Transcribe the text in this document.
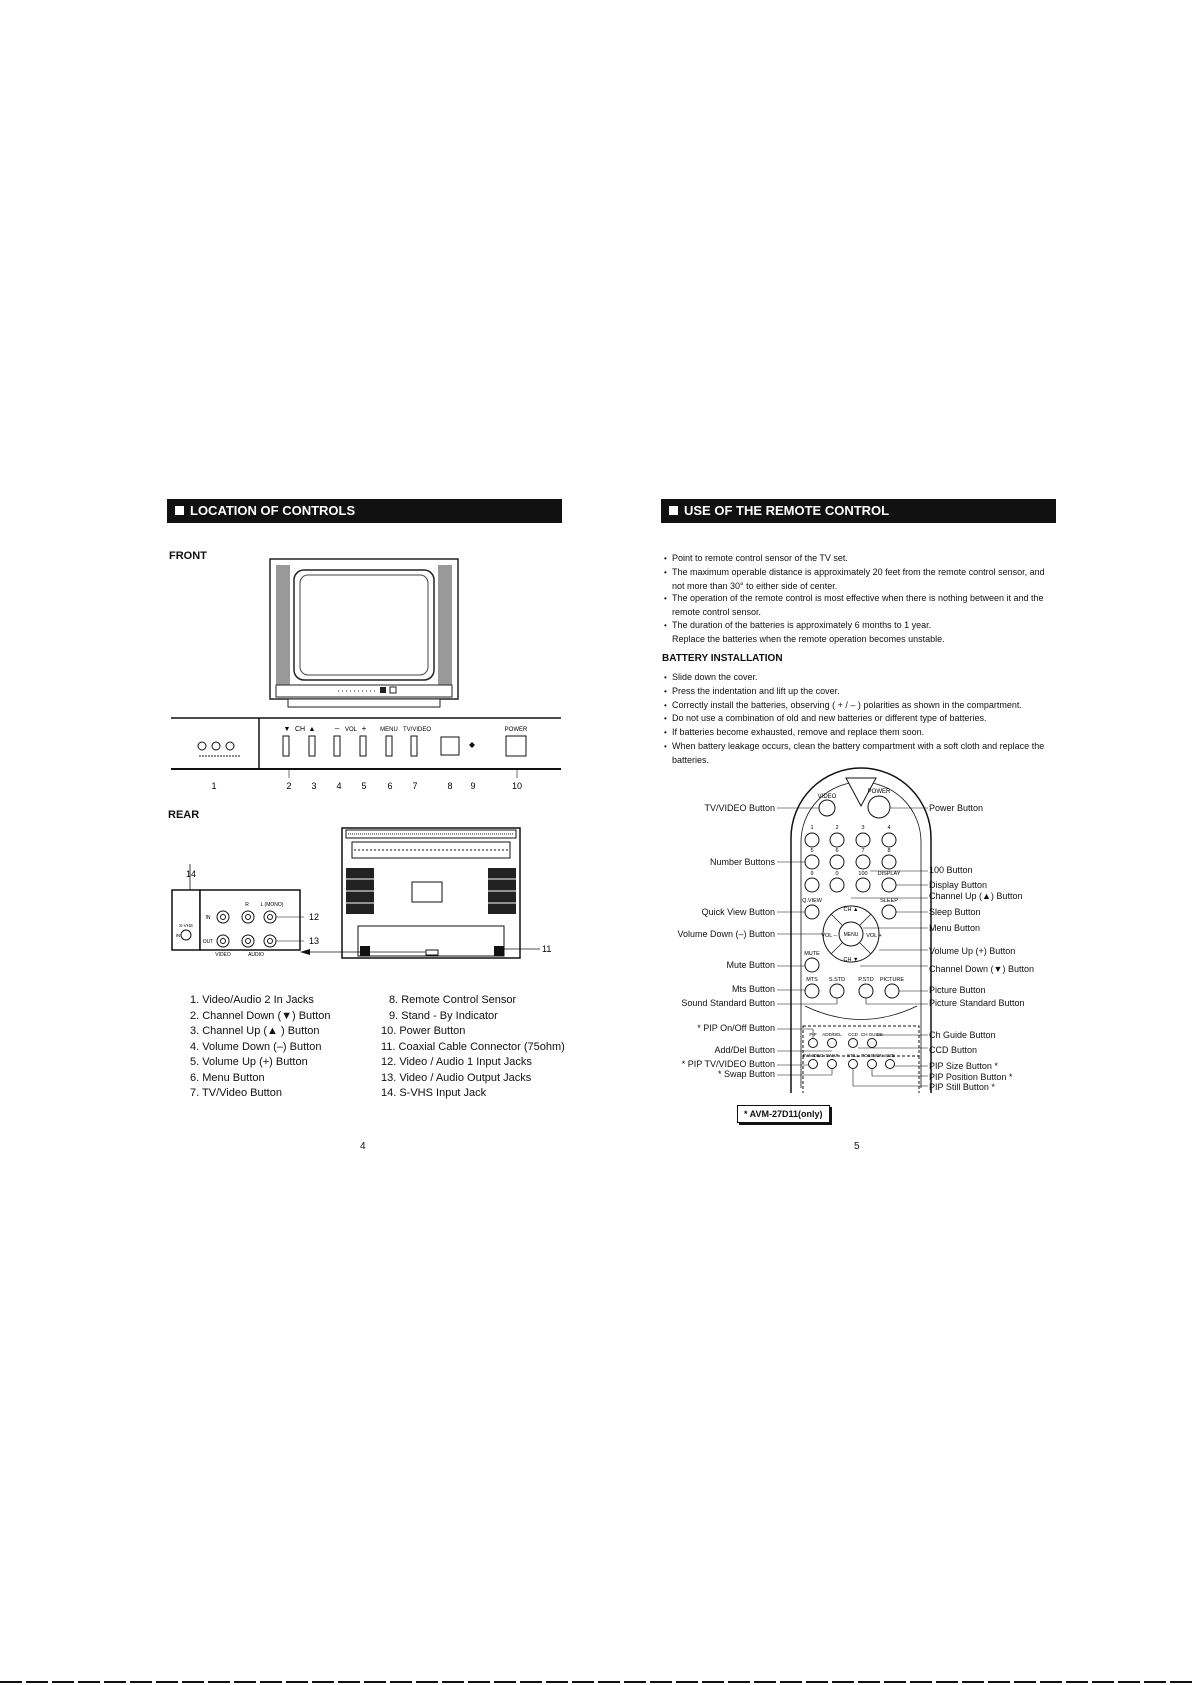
LOCATION OF CONTROLS
FRONT
▼ CH ▲ – VOL + MENU TV/VIDEO	POWER
1	2 3 4 5 6 7	8 9	10
REAR
R L (MONO)
IN
OUT
VIDEO	AUDIO
S-VHS
IN
14
12
13
11
1. Video/Audio 2 In Jacks
2. Channel Down (▼) Button
3. Channel Up (▲ ) Button
4. Volume Down (–) Button
5. Volume Up (+) Button
6. Menu Button
7. TV/Video Button
8. Remote Control Sensor
9. Stand - By Indicator
10. Power Button
11. Coaxial Cable Connector (75ohm)
12. Video / Audio 1 Input Jacks
13. Video / Audio Output Jacks
14. S-VHS Input Jack
4
USE OF THE REMOTE CONTROL
• Point to remote control sensor of the TV set.
• The maximum operable distance is approximately 20 feet from the remote control sensor, and
not more than 30° to either side of center.
• The operation of the remote control is most effective when there is nothing between it and the
remote control sensor.
• The duration of the batteries is approximately 6 months to 1 year.
Replace the batteries when the remote operation becomes unstable.
BATTERY INSTALLATION
• Slide down the cover.
• Press the indentation and lift up the cover.
• Correctly install the batteries, observing ( + / – ) polarities as shown in the compartment.
• Do not use a combination of old and new batteries or different type of batteries.
• If batteries become exhausted, remove and replace them soon.
• When battery leakage occurs, clean the battery compartment with a soft cloth and replace the
batteries.
VIDEO
POWER
1	2	3	4
5	6	7	8
9	0	100 DISPLAY
Q.VIEW	SLEEP
CH ▲
CH ▼
VOL –	VOL +
MENU
MUTE
MTS S.STD P.STD PICTURE
PIP ADD/DEL CCD CH GUIDE
TV/VIDEO SWAP STILL POSITION SIZE
TV/VIDEO Button
Number Buttons
Quick View Button
Volume Down (–) Button
Mute Button
Mts Button
Sound Standard Button
* PIP On/Off Button
Add/Del Button
* PIP TV/VIDEO Button
* Swap Button
Power Button
100 Button
Display Button
Channel Up (▲) Button
Sleep Button
Menu Button
Volume Up (+) Button
Channel Down (▼) Button
Picture Button
Picture Standard Button
Ch Guide Button
CCD Button
PIP Size Button *
PIP Position Button *
PIP Still Button *
* AVM-27D11(only)
5
